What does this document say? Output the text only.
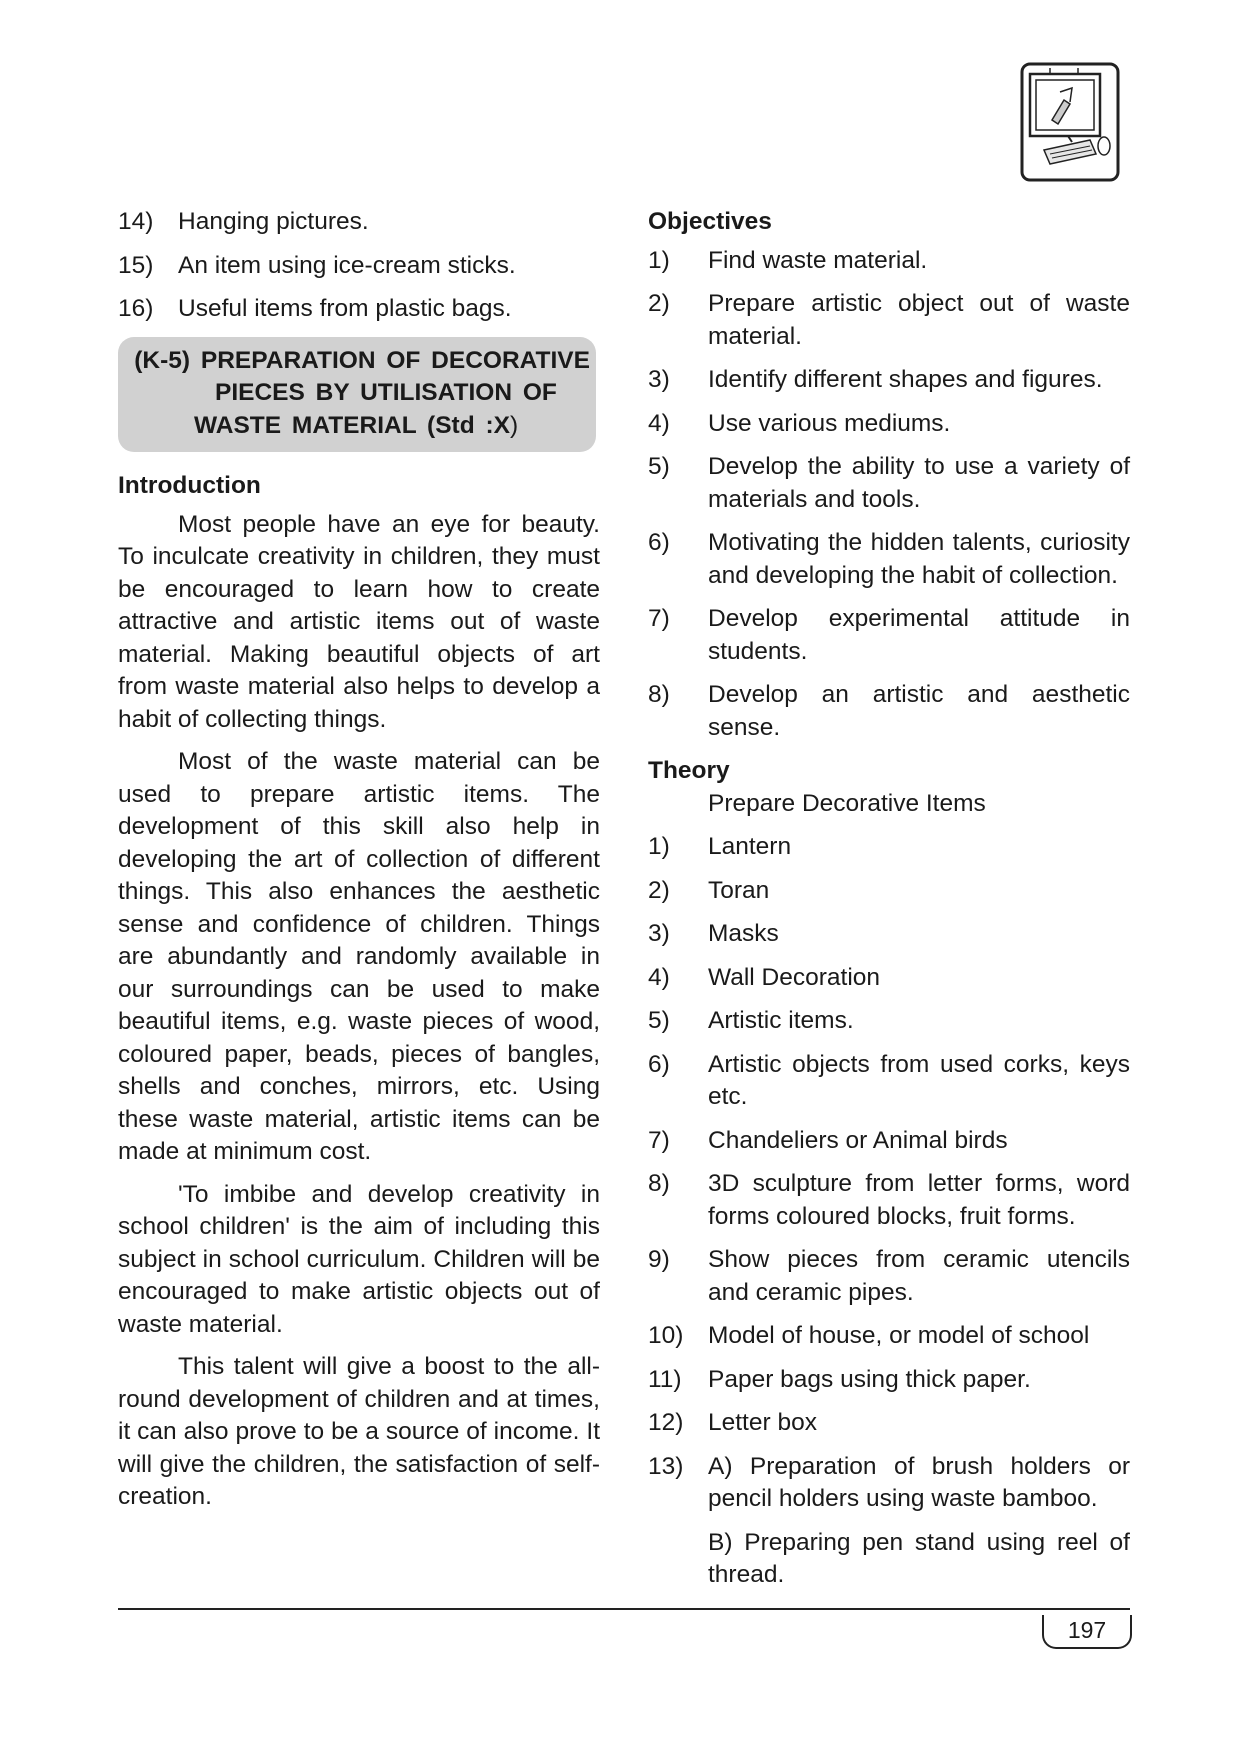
14)	Hanging pictures.
15)	An item using ice-cream sticks.
16)	Useful items from plastic bags.
(K-5) PREPARATION OF DECORATIVE
PIECES BY UTILISATION OF
WASTE MATERIAL (Std :X)

Introduction

Most people have an eye for beauty. To inculcate creativity in children, they must be encouraged to learn how to create attractive and artistic items out of waste material. Making beautiful objects of art from waste material also helps to develop a habit of collecting things.

Most of the waste material can be used to prepare artistic items. The development of this skill also help in developing the art of collection of different things. This also enhances the aesthetic sense and confidence of children. Things are abundantly and randomly available in our surroundings can be used to make beautiful items, e.g. waste pieces of wood, coloured paper, beads, pieces of bangles, shells and conches, mirrors, etc. Using these waste material, artistic items can be made at minimum cost.

'To imbibe and develop creativity in school children' is the aim of including this subject in school curriculum. Children will be encouraged to make artistic objects out of waste material.

This talent will give a boost to the all-round development of children and at times, it can also prove to be a source of income. It will give the children, the satisfaction of self-creation.

Objectives

1)	Find waste material.
2)	Prepare artistic object out of waste material.
3)	Identify different shapes and figures.
4)	Use various mediums.
5)	Develop the ability to use a variety of materials and tools.
6)	Motivating the hidden talents, curiosity and developing the habit of collection.
7)	Develop experimental attitude in students.
8)	Develop an artistic and aesthetic sense.

Theory

Prepare Decorative Items

1)	Lantern
2)	Toran
3)	Masks
4)	Wall Decoration
5)	Artistic items.
6)	Artistic objects from used corks, keys etc.
7)	Chandeliers or Animal birds
8)	3D sculpture from letter forms, word forms coloured blocks, fruit forms.
9)	Show pieces from ceramic utencils and ceramic pipes.
10)	Model of house, or model of school
11)	Paper bags using thick paper.
12)	Letter box
13)	A) Preparation of brush holders or pencil holders using waste bamboo.

B) Preparing pen stand using reel of thread.

197
